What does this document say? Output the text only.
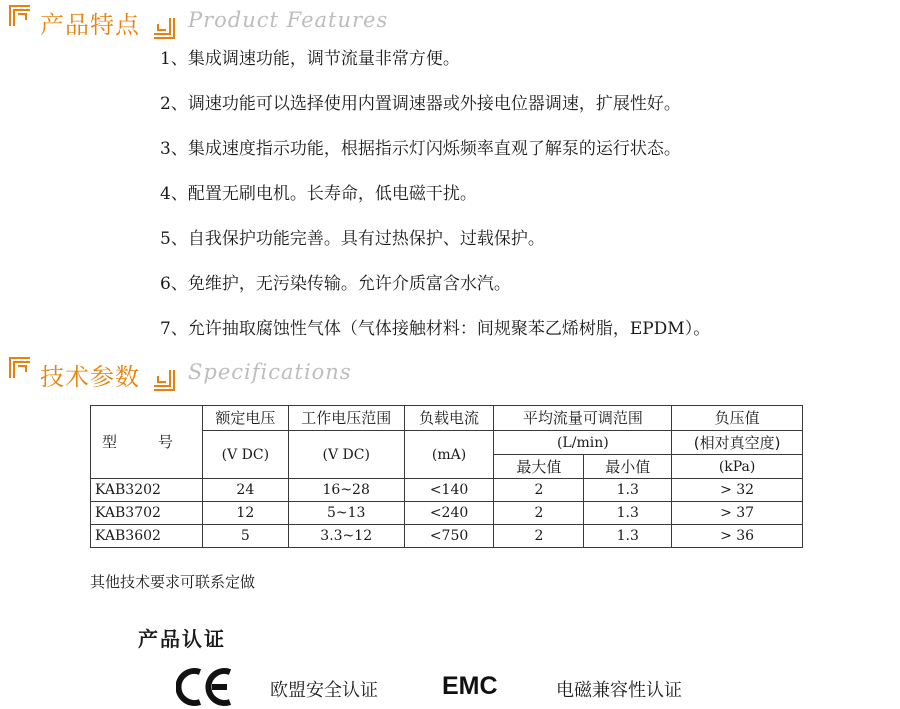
产品特点 Product Features
1、集成调速功能，调节流量非常方便。
2、调速功能可以选择使用内置调速器或外接电位器调速，扩展性好。
3、集成速度指示功能，根据指示灯闪烁频率直观了解泵的运行状态。
4、配置无刷电机。长寿命，低电磁干扰。
5、自我保护功能完善。具有过热保护、过载保护。
6、免维护，无污染传输。允许介质富含水汽。
7、允许抽取腐蚀性气体（气体接触材料：间规聚苯乙烯树脂，EPDM）。
技术参数 Specifications
型 号	额定电压	工作电压范围	负载电流	平均流量可调范围		负压值
	(V DC)	(V DC)	(mA)	(L/min)		(相对真空度)
				最大值	最小值	(kPa)
KAB3202	24	16~28	<140	2	1.3	> 32
KAB3702	12	5~13	<240	2	1.3	> 37
KAB3602	5	3.3~12	<750	2	1.3	> 36
其他技术要求可联系定做
产品认证
欧盟安全认证	EMC	电磁兼容性认证
